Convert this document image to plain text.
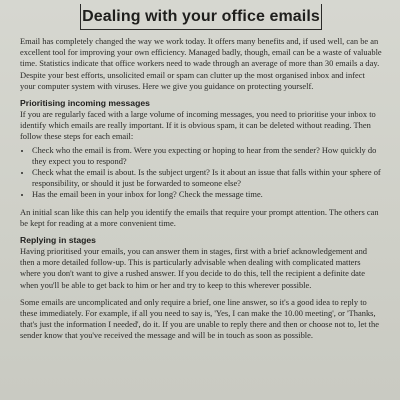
Dealing with your office emails

Email has completely changed the way we work today. It offers many benefits and, if used well, can be an excellent tool for improving your own efficiency. Managed badly, though, email can be a waste of valuable time. Statistics indicate that office workers need to wade through an average of more than 30 emails a day. Despite your best efforts, unsolicited email or spam can clutter up the most organised inbox and infect your computer system with viruses. Here we give you guidance on protecting yourself.

Prioritising incoming messages

If you are regularly faced with a large volume of incoming messages, you need to prioritise your inbox to identify which emails are really important. If it is obvious spam, it can be deleted without reading. Then follow these steps for each email:

• Check who the email is from. Were you expecting or hoping to hear from the sender? How quickly do they expect you to respond?
• Check what the email is about. Is the subject urgent? Is it about an issue that falls within your sphere of responsibility, or should it just be forwarded to someone else?
• Has the email been in your inbox for long? Check the message time.

An initial scan like this can help you identify the emails that require your prompt attention. The others can be kept for reading at a more convenient time.

Replying in stages

Having prioritised your emails, you can answer them in stages, first with a brief acknowledgement and then a more detailed follow-up. This is particularly advisable when dealing with complicated matters where you don't want to give a rushed answer. If you decide to do this, tell the recipient a definite date when you'll be able to get back to him or her and try to keep to this wherever possible.

Some emails are uncomplicated and only require a brief, one line answer, so it's a good idea to reply to these immediately. For example, if all you need to say is, 'Yes, I can make the 10.00 meeting', or 'Thanks, that's just the information I needed', do it. If you are unable to reply there and then or choose not to, let the sender know that you've received the message and will be in touch as soon as possible.
